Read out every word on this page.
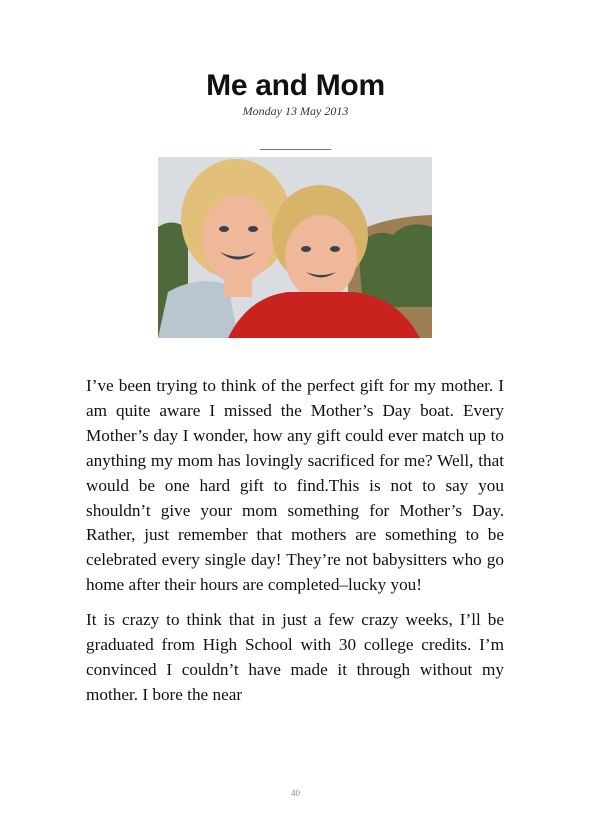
Me and Mom
Monday 13 May 2013
___________

I’ve been trying to think of the perfect gift for my mother. I am quite aware I missed the Mother’s Day boat. Every Mother’s day I wonder, how any gift could ever match up to anything my mom has lovingly sacrificed for me? Well, that would be one hard gift to find.This is not to say you shouldn’t give your mom something for Mother’s Day. Rather, just remember that mothers are something to be celebrated every single day! They’re not babysitters who go home after their hours are completed–lucky you!

It is crazy to think that in just a few crazy weeks, I’ll be graduated from High School with 30 college credits. I’m convinced I couldn’t have made it through without my mother. I bore the near

40
